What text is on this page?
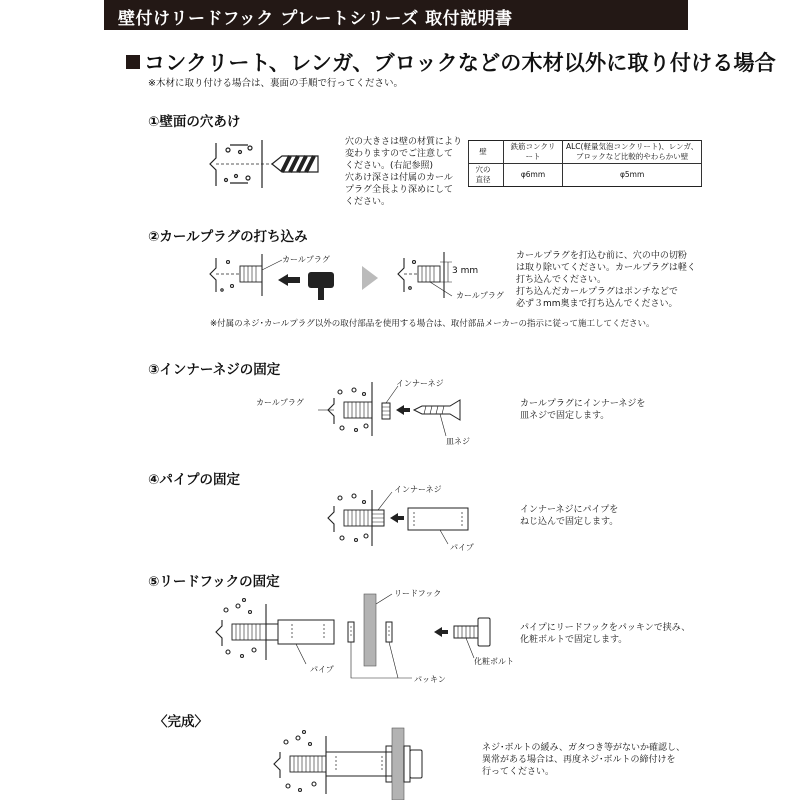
壁付けリードフック プレートシリーズ 取付説明書
コンクリート、レンガ、ブロックなどの木材以外に取り付ける場合
※木材に取り付ける場合は、裏面の手順で行ってください。
①壁面の穴あけ
穴の大きさは壁の材質により
変わりますのでご注意して
ください。(右記参照)
穴あけ深さは付属のカール
プラグ全長より深めにして
ください。
壁		鉄筋コンクリート	ALC(軽量気泡コンクリート)、レンガ、
ブロックなど比較的やわらかい壁
穴の直径		φ6mm	φ5mm
②カールプラグの打ち込み
カールプラグ
3 mm
カールプラグ
カールプラグを打込む前に、穴の中の切粉
は取り除いてください。カールプラグは軽く
打ち込んでください。
打ち込んだカールプラグはポンチなどで
必ず３mm奥まで打ち込んでください。
※付属のネジ･カールプラグ以外の取付部品を使用する場合は、取付部品メーカーの指示に従って施工してください。
③インナーネジの固定
インナーネジ
カールプラグ
皿ネジ
カールプラグにインナーネジを
皿ネジで固定します。
④パイプの固定
インナーネジ
パイプ
インナーネジにパイプを
ねじ込んで固定します。
⑤リードフックの固定
リードフック
パイプ
パッキン
化粧ボルト
パイプにリードフックをパッキンで挟み、
化粧ボルトで固定します。
〈完成〉
ネジ･ボルトの緩み、ガタつき等がないか確認し、
異常がある場合は、再度ネジ･ボルトの締付けを
行ってください。
